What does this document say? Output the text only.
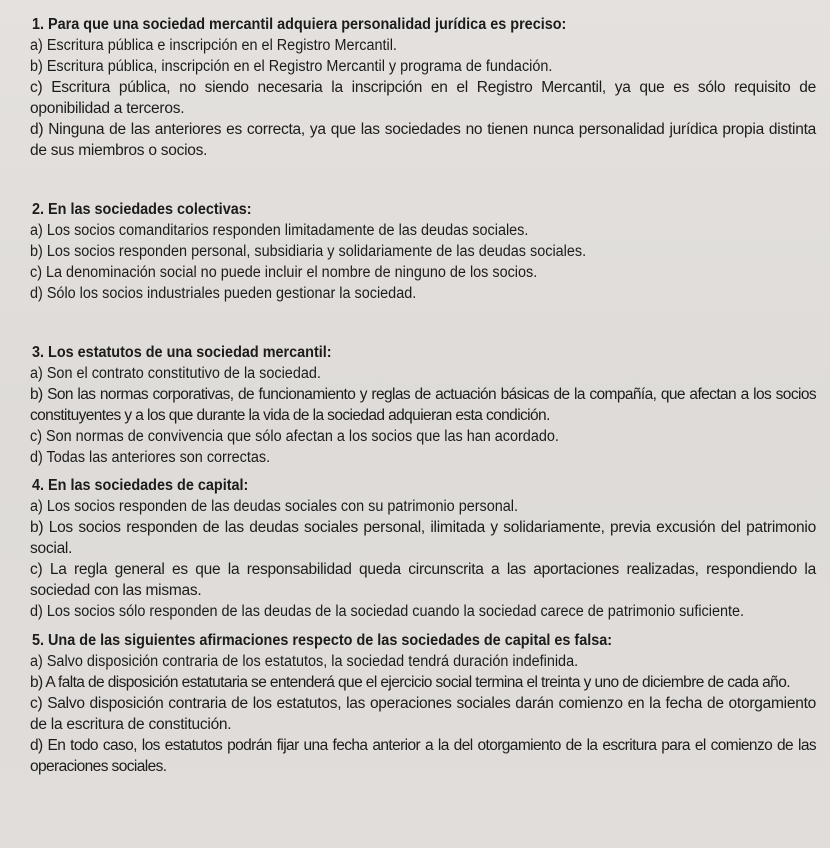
1. Para que una sociedad mercantil adquiera personalidad jurídica es preciso:

a) Escritura pública e inscripción en el Registro Mercantil.

b) Escritura pública, inscripción en el Registro Mercantil y programa de fundación.

c) Escritura pública, no siendo necesaria la inscripción en el Registro Mercantil, ya que es sólo requisito de oponibilidad a terceros.

d) Ninguna de las anteriores es correcta, ya que las sociedades no tienen nunca personalidad jurídica propia distinta de sus miembros o socios.

2. En las sociedades colectivas:

a) Los socios comanditarios responden limitadamente de las deudas sociales.

b) Los socios responden personal, subsidiaria y solidariamente de las deudas sociales.

c) La denominación social no puede incluir el nombre de ninguno de los socios.

d) Sólo los socios industriales pueden gestionar la sociedad.

3. Los estatutos de una sociedad mercantil:

a) Son el contrato constitutivo de la sociedad.

b) Son las normas corporativas, de funcionamiento y reglas de actuación básicas de la compañía, que afectan a los socios constituyentes y a los que durante la vida de la sociedad adquieran esta condición.

c) Son normas de convivencia que sólo afectan a los socios que las han acordado.

d) Todas las anteriores son correctas.

4. En las sociedades de capital:

a) Los socios responden de las deudas sociales con su patrimonio personal.

b) Los socios responden de las deudas sociales personal, ilimitada y solidariamente, previa excusión del patrimonio social.

c) La regla general es que la responsabilidad queda circunscrita a las aportaciones realizadas, respondiendo la sociedad con las mismas.

d) Los socios sólo responden de las deudas de la sociedad cuando la sociedad carece de patrimonio suficiente.

5. Una de las siguientes afirmaciones respecto de las sociedades de capital es falsa:

a) Salvo disposición contraria de los estatutos, la sociedad tendrá duración indefinida.

b) A falta de disposición estatutaria se entenderá que el ejercicio social termina el treinta y uno de diciembre de cada año.

c) Salvo disposición contraria de los estatutos, las operaciones sociales darán comienzo en la fecha de otorgamiento de la escritura de constitución.

d) En todo caso, los estatutos podrán fijar una fecha anterior a la del otorgamiento de la escritura para el comienzo de las operaciones sociales.
